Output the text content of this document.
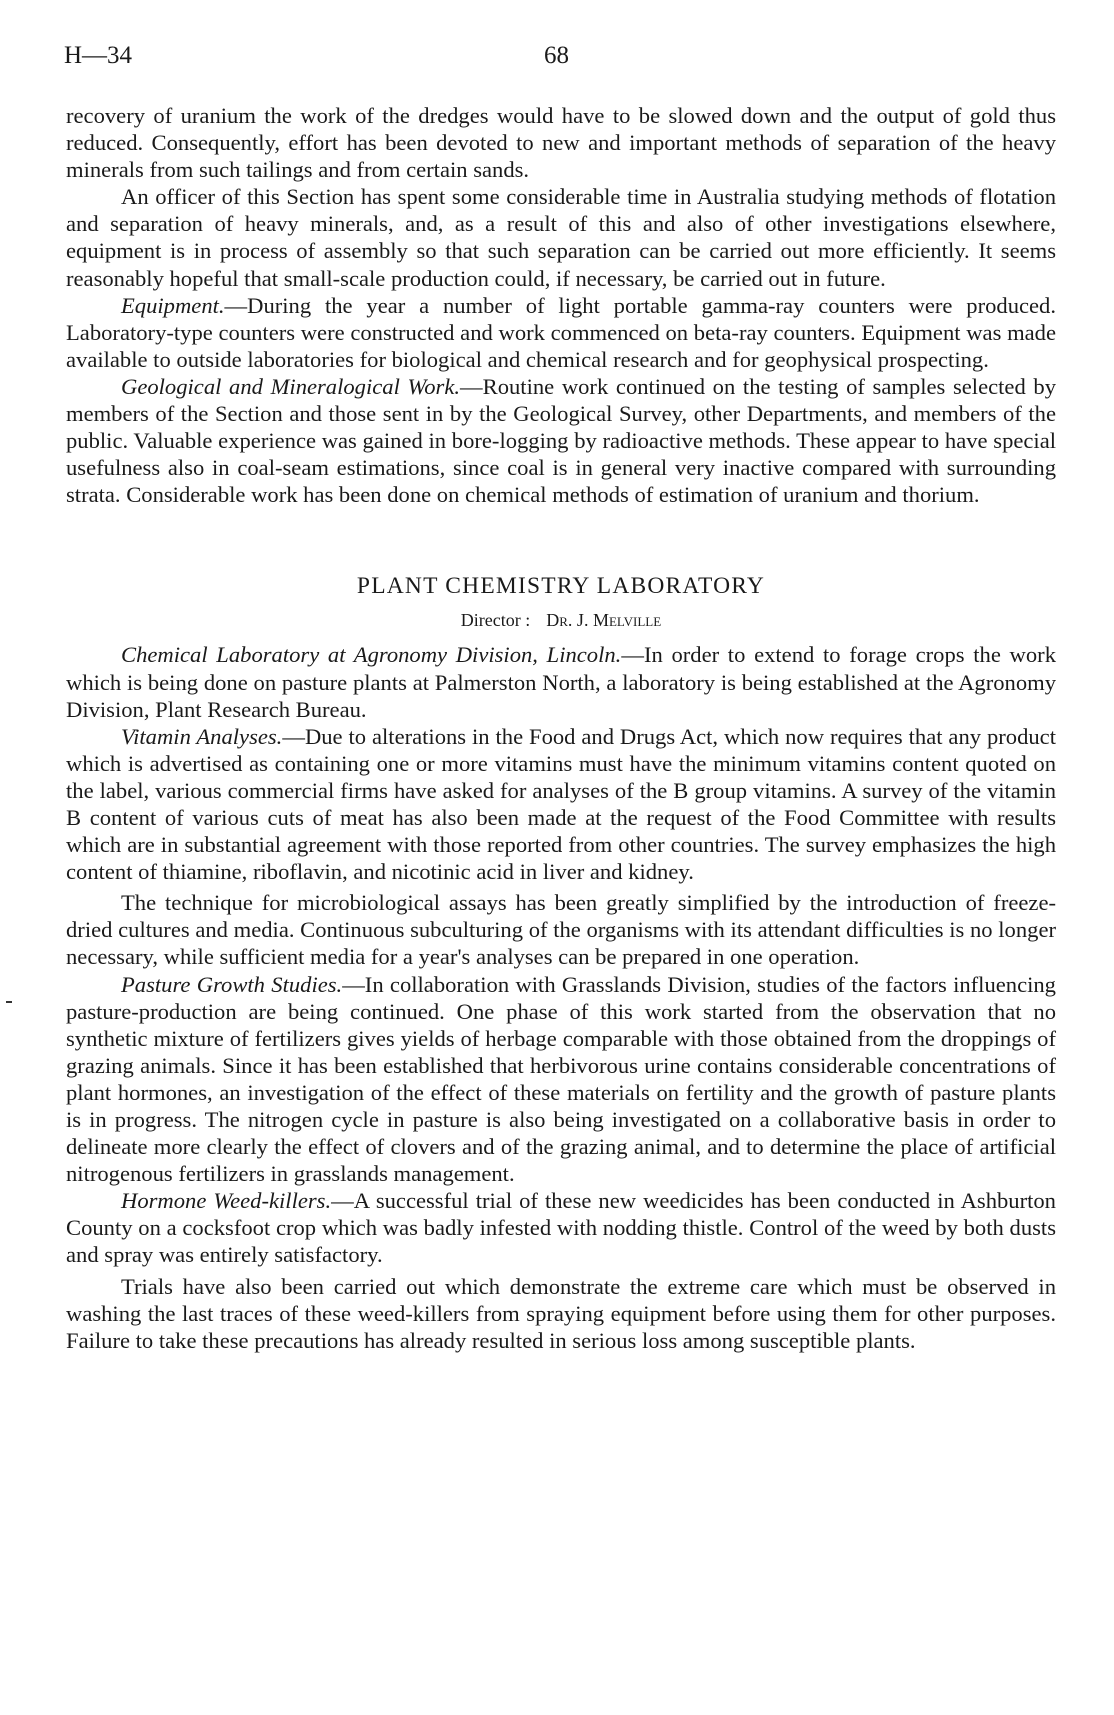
H—34	68

recovery of uranium the work of the dredges would have to be slowed down and the output of gold thus reduced. Consequently, effort has been devoted to new and important methods of separation of the heavy minerals from such tailings and from certain sands.

An officer of this Section has spent some considerable time in Australia studying methods of flotation and separation of heavy minerals, and, as a result of this and also of other investigations elsewhere, equipment is in process of assembly so that such separation can be carried out more efficiently. It seems reasonably hopeful that small-scale production could, if necessary, be carried out in future.

Equipment.—During the year a number of light portable gamma-ray counters were produced. Laboratory-type counters were constructed and work commenced on beta-ray counters. Equipment was made available to outside laboratories for biological and chemical research and for geophysical prospecting.

Geological and Mineralogical Work.—Routine work continued on the testing of samples selected by members of the Section and those sent in by the Geological Survey, other Departments, and members of the public. Valuable experience was gained in bore-logging by radioactive methods. These appear to have special usefulness also in coal-seam estimations, since coal is in general very inactive compared with surrounding strata. Considerable work has been done on chemical methods of estimation of uranium and thorium.

PLANT CHEMISTRY LABORATORY
Director : Dr. J. Melville

Chemical Laboratory at Agronomy Division, Lincoln.—In order to extend to forage crops the work which is being done on pasture plants at Palmerston North, a laboratory is being established at the Agronomy Division, Plant Research Bureau.

Vitamin Analyses.—Due to alterations in the Food and Drugs Act, which now requires that any product which is advertised as containing one or more vitamins must have the minimum vitamins content quoted on the label, various commercial firms have asked for analyses of the B group vitamins. A survey of the vitamin B content of various cuts of meat has also been made at the request of the Food Committee with results which are in substantial agreement with those reported from other countries. The survey emphasizes the high content of thiamine, riboflavin, and nicotinic acid in liver and kidney.

The technique for microbiological assays has been greatly simplified by the introduction of freeze-dried cultures and media. Continuous subculturing of the organisms with its attendant difficulties is no longer necessary, while sufficient media for a year's analyses can be prepared in one operation.

Pasture Growth Studies.—In collaboration with Grasslands Division, studies of the factors influencing pasture-production are being continued. One phase of this work started from the observation that no synthetic mixture of fertilizers gives yields of herbage comparable with those obtained from the droppings of grazing animals. Since it has been established that herbivorous urine contains considerable concentrations of plant hormones, an investigation of the effect of these materials on fertility and the growth of pasture plants is in progress. The nitrogen cycle in pasture is also being investigated on a collaborative basis in order to delineate more clearly the effect of clovers and of the grazing animal, and to determine the place of artificial nitrogenous fertilizers in grasslands management.

Hormone Weed-killers.—A successful trial of these new weedicides has been conducted in Ashburton County on a cocksfoot crop which was badly infested with nodding thistle. Control of the weed by both dusts and spray was entirely satisfactory.

Trials have also been carried out which demonstrate the extreme care which must be observed in washing the last traces of these weed-killers from spraying equipment before using them for other purposes. Failure to take these precautions has already resulted in serious loss among susceptible plants.
